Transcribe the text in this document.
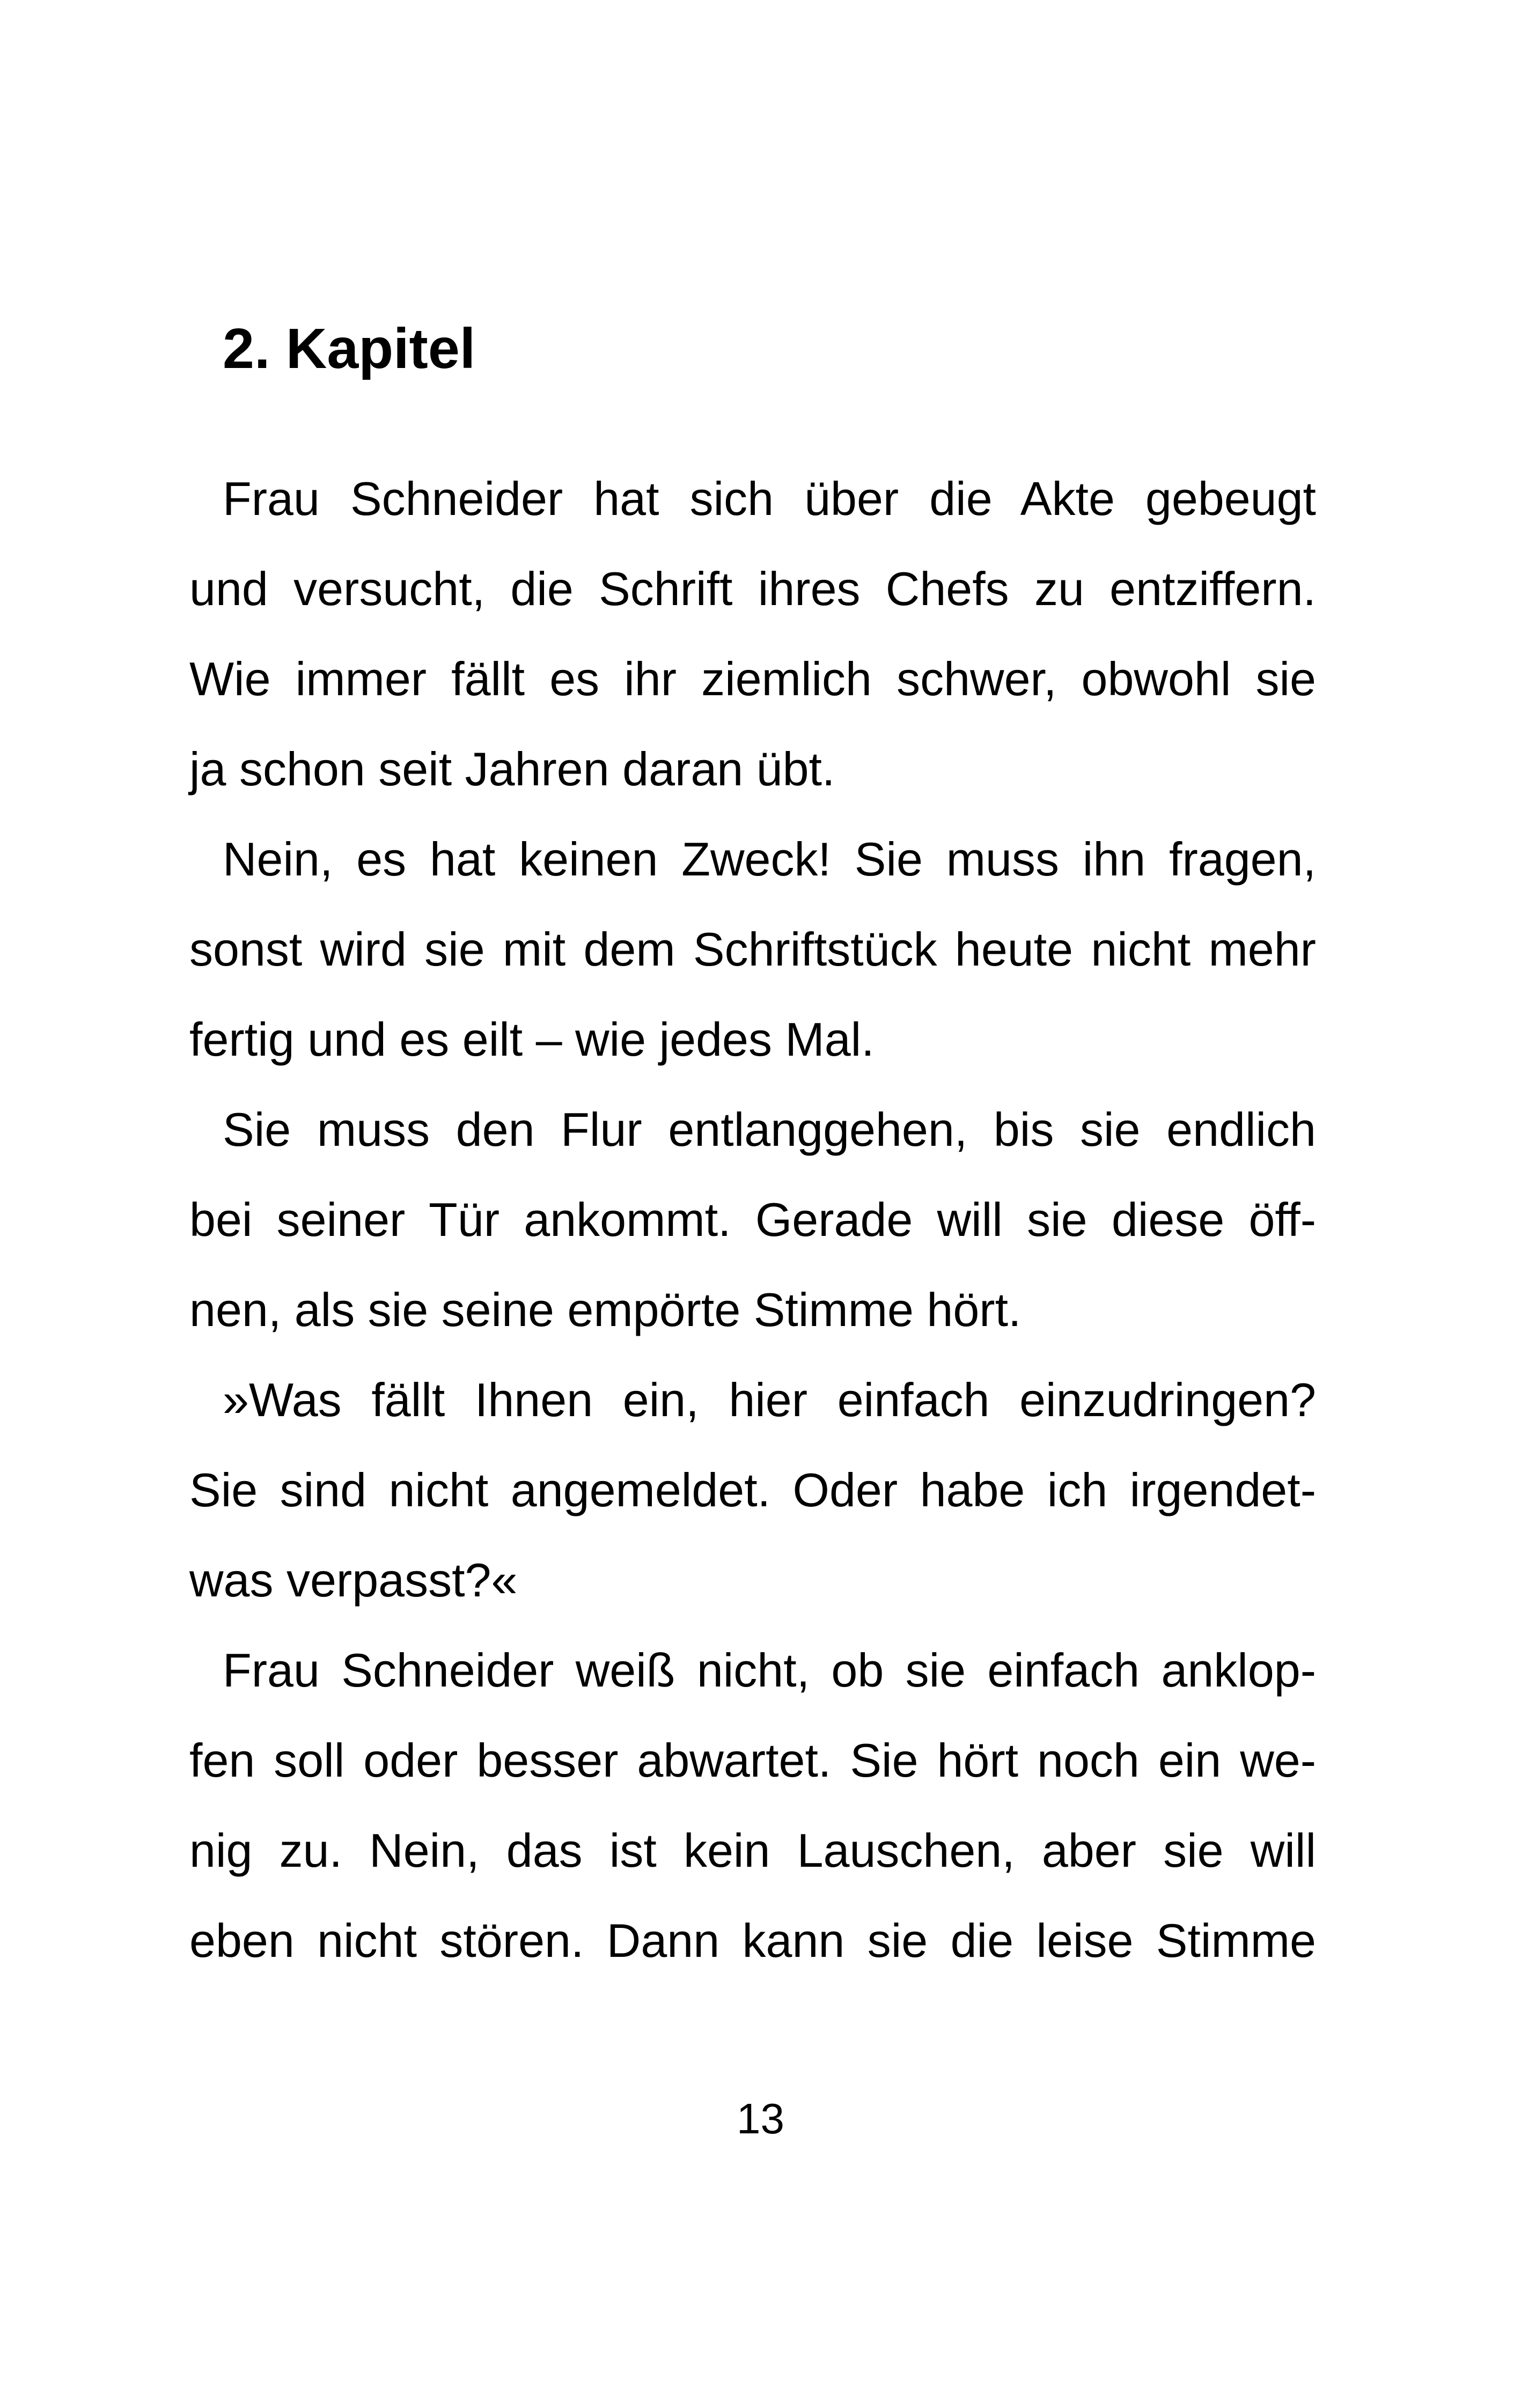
2. Kapitel
Frau Schneider hat sich über die Akte gebeugt
und versucht, die Schrift ihres Chefs zu entziffern.
Wie immer fällt es ihr ziemlich schwer, obwohl sie
ja schon seit Jahren daran übt.
Nein, es hat keinen Zweck! Sie muss ihn fragen,
sonst wird sie mit dem Schriftstück heute nicht mehr
fertig und es eilt – wie jedes Mal.
Sie muss den Flur entlanggehen, bis sie endlich
bei seiner Tür ankommt. Gerade will sie diese öff-
nen, als sie seine empörte Stimme hört.
»Was fällt Ihnen ein, hier einfach einzudringen?
Sie sind nicht angemeldet. Oder habe ich irgendet-
was verpasst?«
Frau Schneider weiß nicht, ob sie einfach anklop-
fen soll oder besser abwartet. Sie hört noch ein we-
nig zu. Nein, das ist kein Lauschen, aber sie will
eben nicht stören. Dann kann sie die leise Stimme
13
